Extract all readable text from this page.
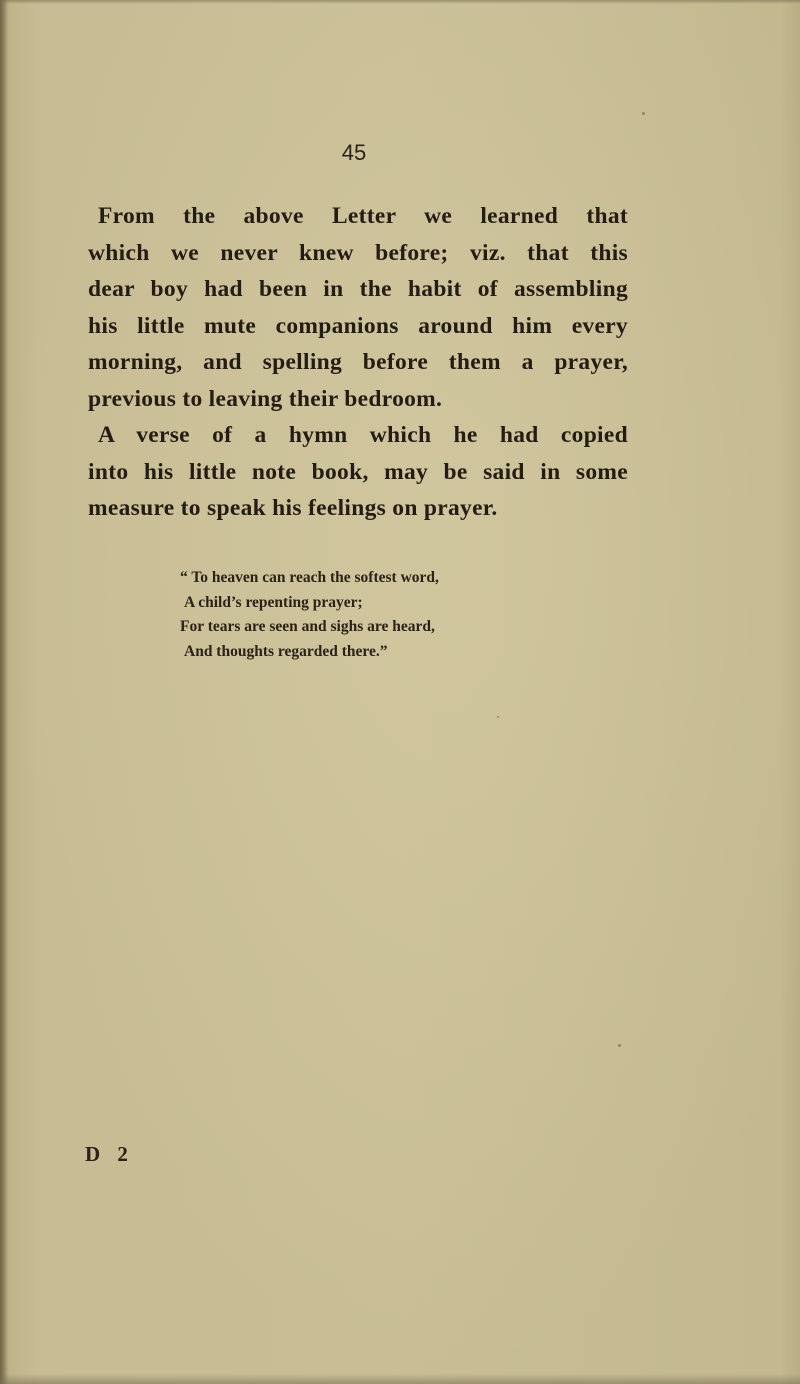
45
From the above Letter we learned that
which we never knew before; viz. that this
dear boy had been in the habit of assembling
his little mute companions around him every
morning, and spelling before them a prayer,
previous to leaving their bedroom.
A verse of a hymn which he had copied
into his little note book, may be said in some
measure to speak his feelings on prayer.
“ To heaven can reach the softest word,
A child’s repenting prayer;
For tears are seen and sighs are heard,
And thoughts regarded there.”
D 2
